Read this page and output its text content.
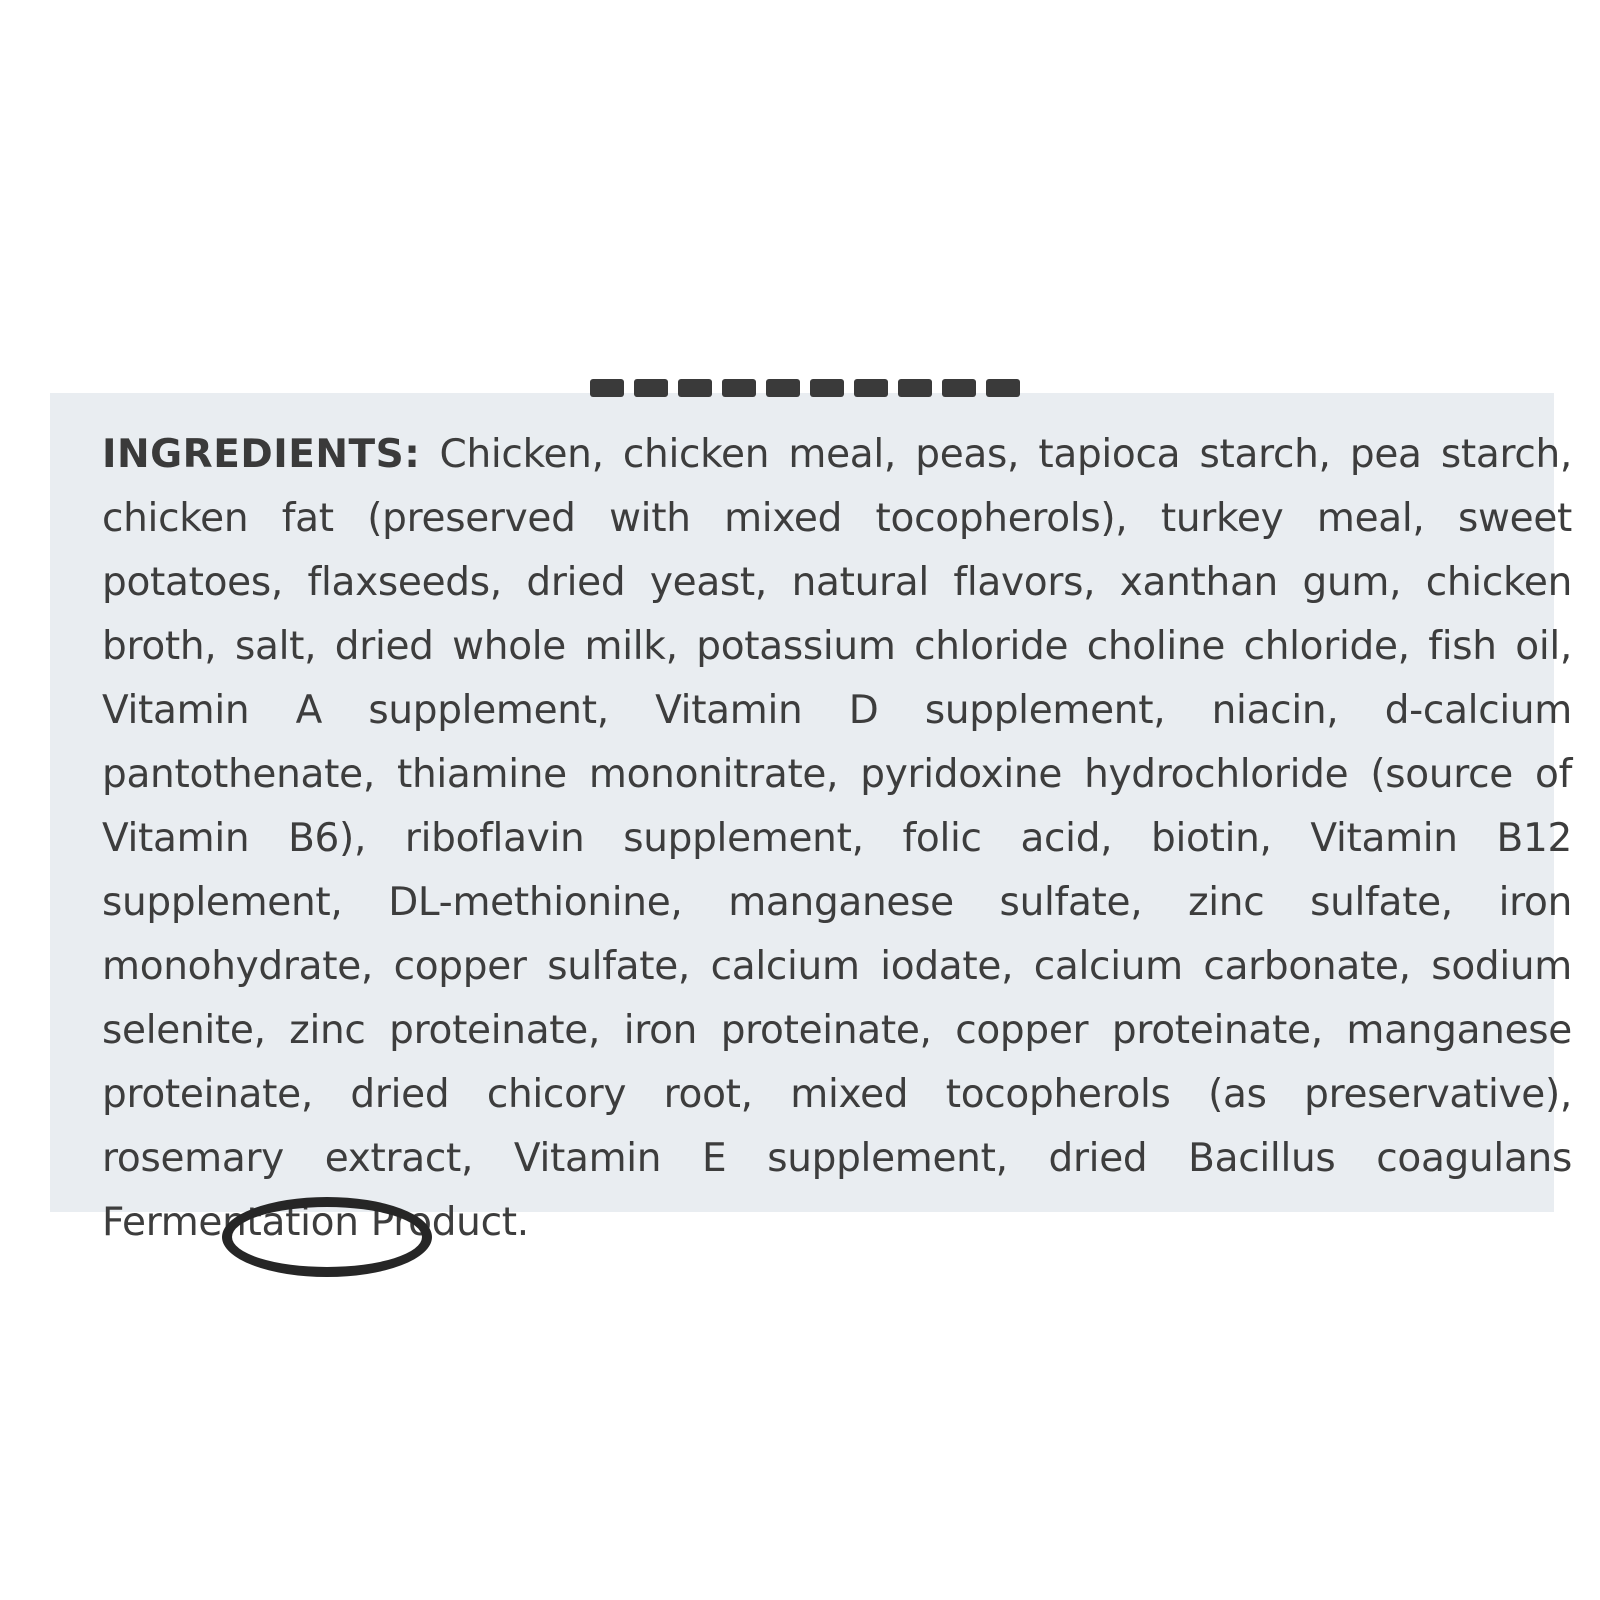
INGREDIENTS: Chicken, chicken meal, peas, tapioca starch, pea starch, chicken fat (preserved with mixed tocopherols), turkey meal, sweet potatoes, flaxseeds, dried yeast, natural flavors, xanthan gum, chicken broth, salt, dried whole milk, potassium chloride choline chloride, fish oil, Vitamin A supplement, Vitamin D supplement, niacin, d-calcium pantothenate, thiamine mononitrate, pyridoxine hydrochloride (source of Vitamin B6), riboflavin supplement, folic acid, biotin, Vitamin B12 supplement, DL-methionine, manganese sulfate, zinc sulfate, iron monohydrate, copper sulfate, calcium iodate, calcium carbonate, sodium selenite, zinc proteinate, iron proteinate, copper proteinate, manganese proteinate, dried chicory root, mixed tocopherols (as preservative), rosemary extract, Vitamin E supplement, dried Bacillus coagulans Fermentation Product.
